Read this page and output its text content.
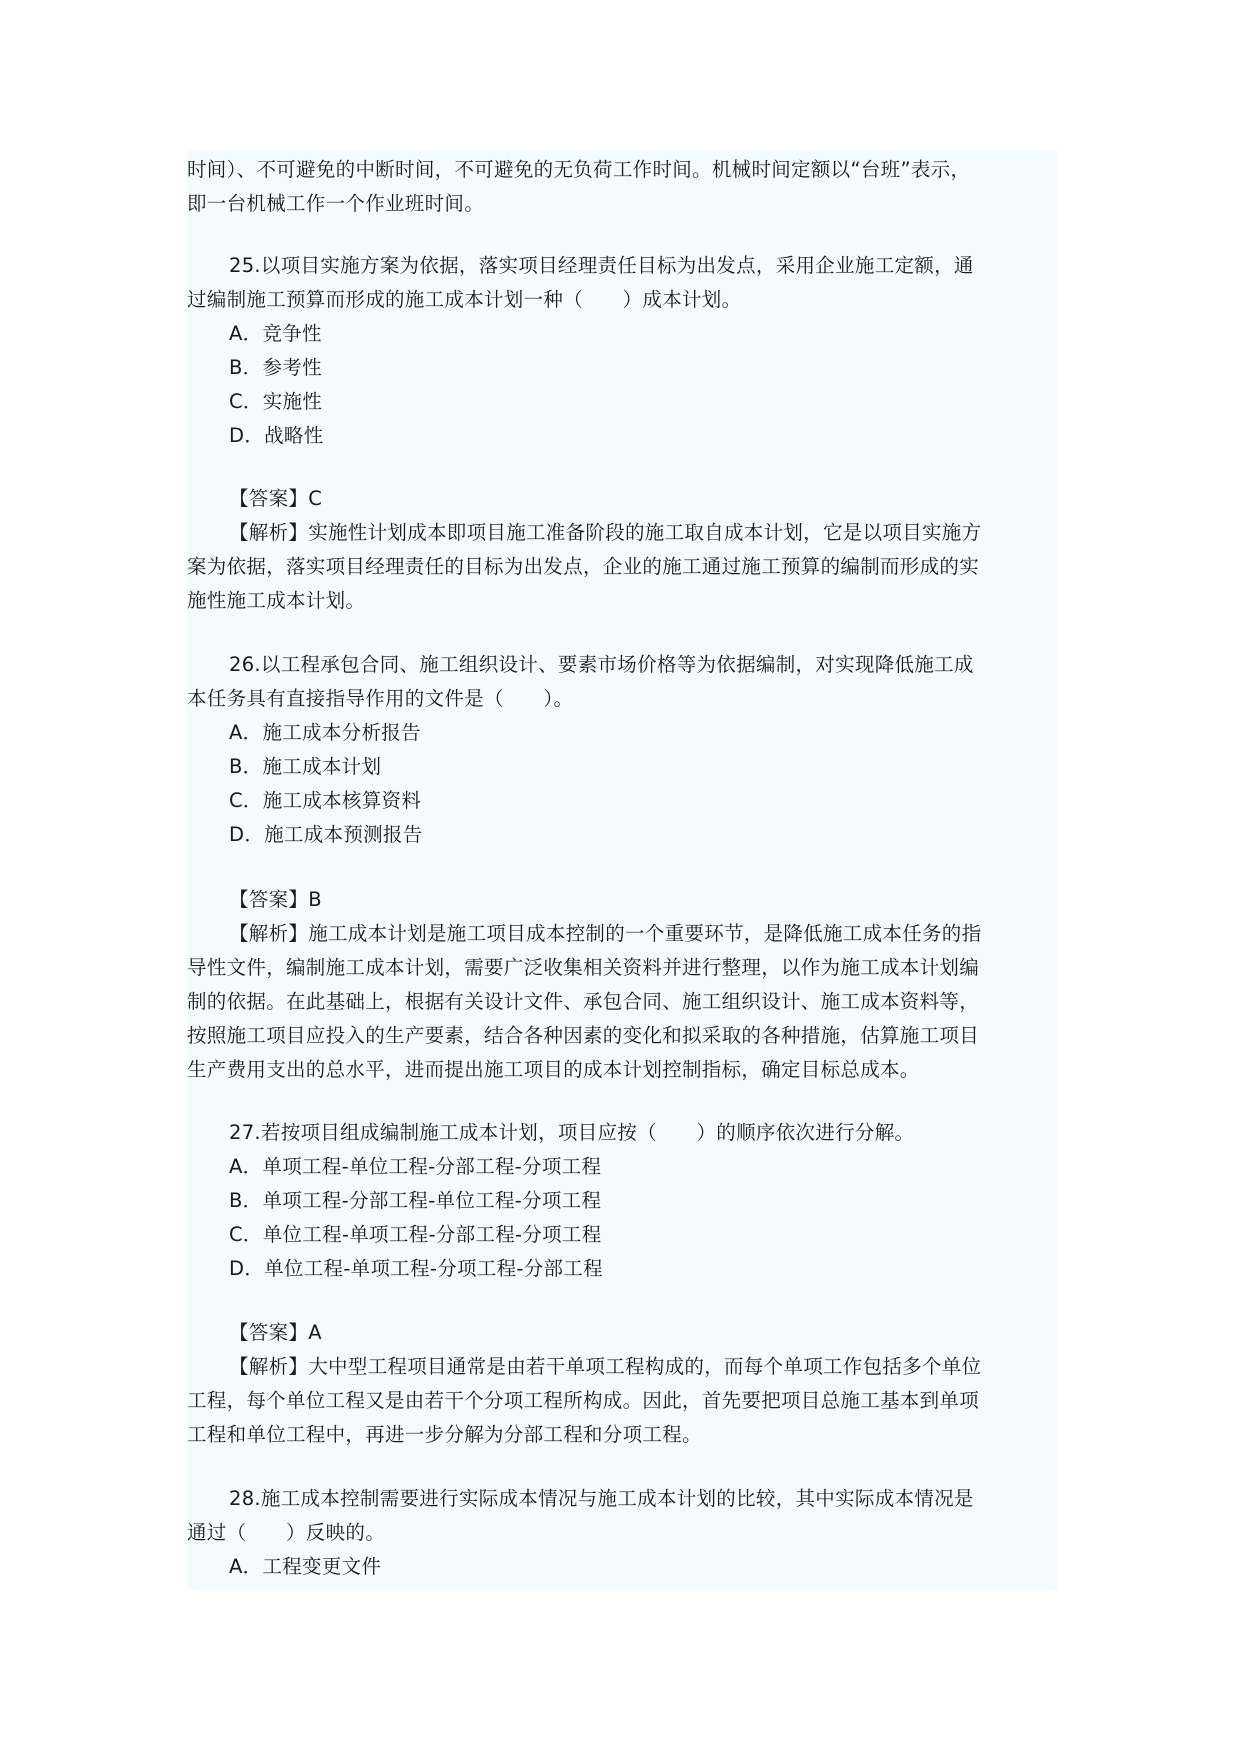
时间）、不可避免的中断时间，不可避免的无负荷工作时间。机械时间定额以“台班”表示，
即一台机械工作一个作业班时间。
25.以项目实施方案为依据，落实项目经理责任目标为出发点，采用企业施工定额，通
过编制施工预算而形成的施工成本计划一种（　　）成本计划。
A．竞争性
B．参考性
C．实施性
D．战略性
【答案】C
【解析】实施性计划成本即项目施工准备阶段的施工取自成本计划，它是以项目实施方
案为依据，落实项目经理责任的目标为出发点，企业的施工通过施工预算的编制而形成的实
施性施工成本计划。
26.以工程承包合同、施工组织设计、要素市场价格等为依据编制，对实现降低施工成
本任务具有直接指导作用的文件是（　　）。
A．施工成本分析报告
B．施工成本计划
C．施工成本核算资料
D．施工成本预测报告
【答案】B
【解析】施工成本计划是施工项目成本控制的一个重要环节，是降低施工成本任务的指
导性文件，编制施工成本计划，需要广泛收集相关资料并进行整理，以作为施工成本计划编
制的依据。在此基础上，根据有关设计文件、承包合同、施工组织设计、施工成本资料等，
按照施工项目应投入的生产要素，结合各种因素的变化和拟采取的各种措施，估算施工项目
生产费用支出的总水平，进而提出施工项目的成本计划控制指标，确定目标总成本。
27.若按项目组成编制施工成本计划，项目应按（　　）的顺序依次进行分解。
A．单项工程-单位工程-分部工程-分项工程
B．单项工程-分部工程-单位工程-分项工程
C．单位工程-单项工程-分部工程-分项工程
D．单位工程-单项工程-分项工程-分部工程
【答案】A
【解析】大中型工程项目通常是由若干单项工程构成的，而每个单项工作包括多个单位
工程，每个单位工程又是由若干个分项工程所构成。因此，首先要把项目总施工基本到单项
工程和单位工程中，再进一步分解为分部工程和分项工程。
28.施工成本控制需要进行实际成本情况与施工成本计划的比较，其中实际成本情况是
通过（　　）反映的。
A．工程变更文件
